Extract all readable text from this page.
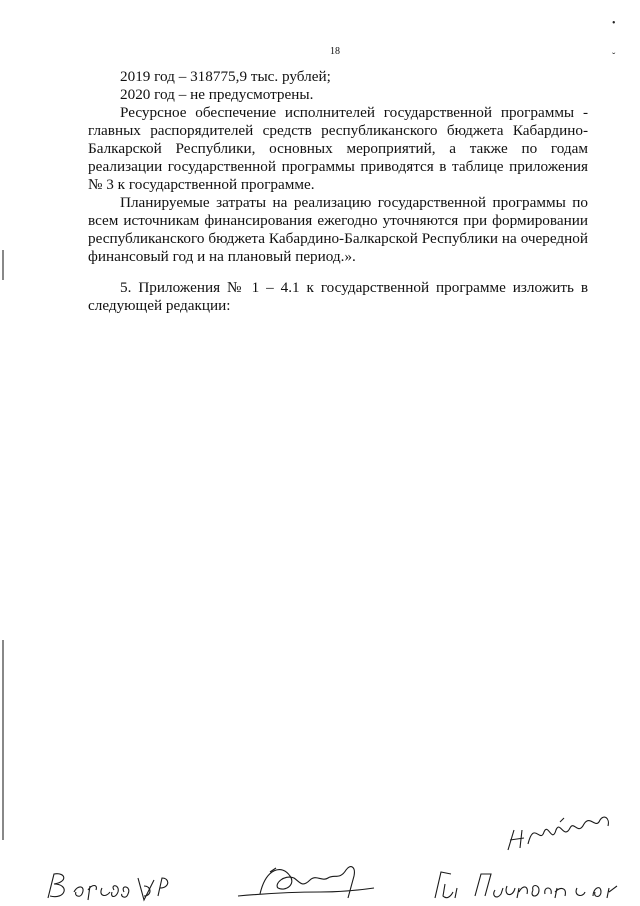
18
•
ˇ

2019 год – 318775,9 тыс. рублей;

2020 год – не предусмотрены.

Ресурсное обеспечение исполнителей государственной программы - главных распорядителей средств республиканского бюджета Кабардино-Балкарской Республики, основных мероприятий, а также по годам реализации государственной программы приводятся в таблице приложения № 3 к государственной программе.

Планируемые затраты на реализацию государственной программы по всем источникам финансирования ежегодно уточняются при формировании республиканского бюджета Кабардино-Балкарской Республики на очередной финансовый год и на плановый период.».

5. Приложения № 1 – 4.1 к государственной программе изложить в следующей редакции:
